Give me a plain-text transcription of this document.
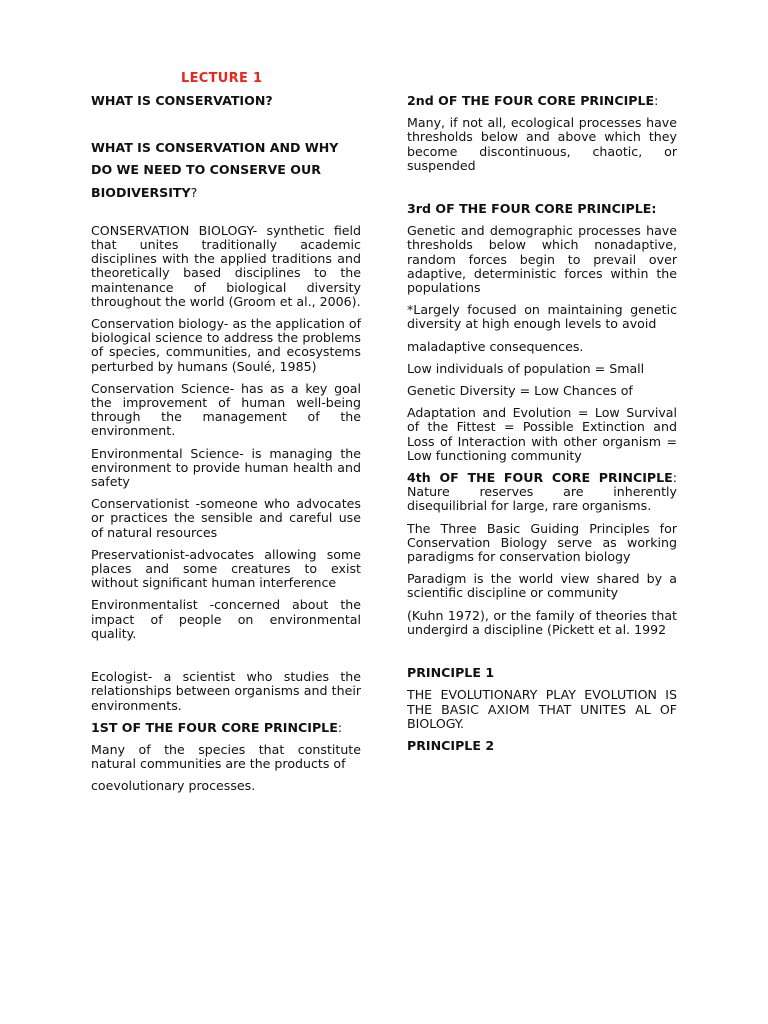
LECTURE 1

WHAT IS CONSERVATION?

WHAT IS CONSERVATION AND WHY

DO WE NEED TO CONSERVE OUR

BIODIVERSITY?

CONSERVATION BIOLOGY- synthetic field that unites traditionally academic disciplines with the applied traditions and theoretically based disciplines to the maintenance of biological diversity throughout the world (Groom et al., 2006).

Conservation biology- as the application of biological science to address the problems of species, communities, and ecosystems perturbed by humans (Soulé, 1985)

Conservation Science- has as a key goal the improvement of human well-being through the management of the environment.

Environmental Science- is managing the environment to provide human health and safety

Conservationist -someone who advocates or practices the sensible and careful use of natural resources

Preservationist-advocates allowing some places and some creatures to exist without significant human interference

Environmentalist -concerned about the impact of people on environmental quality.

Ecologist- a scientist who studies the relationships between organisms and their environments.

1ST OF THE FOUR CORE PRINCIPLE:

Many of the species that constitute natural communities are the products of

coevolutionary processes.

2nd OF THE FOUR CORE PRINCIPLE:

Many, if not all, ecological processes have thresholds below and above which they become discontinuous, chaotic, or suspended

3rd OF THE FOUR CORE PRINCIPLE:

Genetic and demographic processes have thresholds below which nonadaptive, random forces begin to prevail over adaptive, deterministic forces within the populations

*Largely focused on maintaining genetic diversity at high enough levels to avoid

maladaptive consequences.

Low individuals of population = Small

Genetic Diversity = Low Chances of

Adaptation and Evolution = Low Survival of the Fittest = Possible Extinction and Loss of Interaction with other organism = Low functioning community

4th OF THE FOUR CORE PRINCIPLE: Nature reserves are inherently disequilibrial for large, rare organisms.

The Three Basic Guiding Principles for Conservation Biology serve as working paradigms for conservation biology

Paradigm is the world view shared by a scientific discipline or community

(Kuhn 1972), or the family of theories that undergird a discipline (Pickett et al. 1992

PRINCIPLE 1

THE EVOLUTIONARY PLAY EVOLUTION IS THE BASIC AXIOM THAT UNITES AL OF BIOLOGY.

PRINCIPLE 2
